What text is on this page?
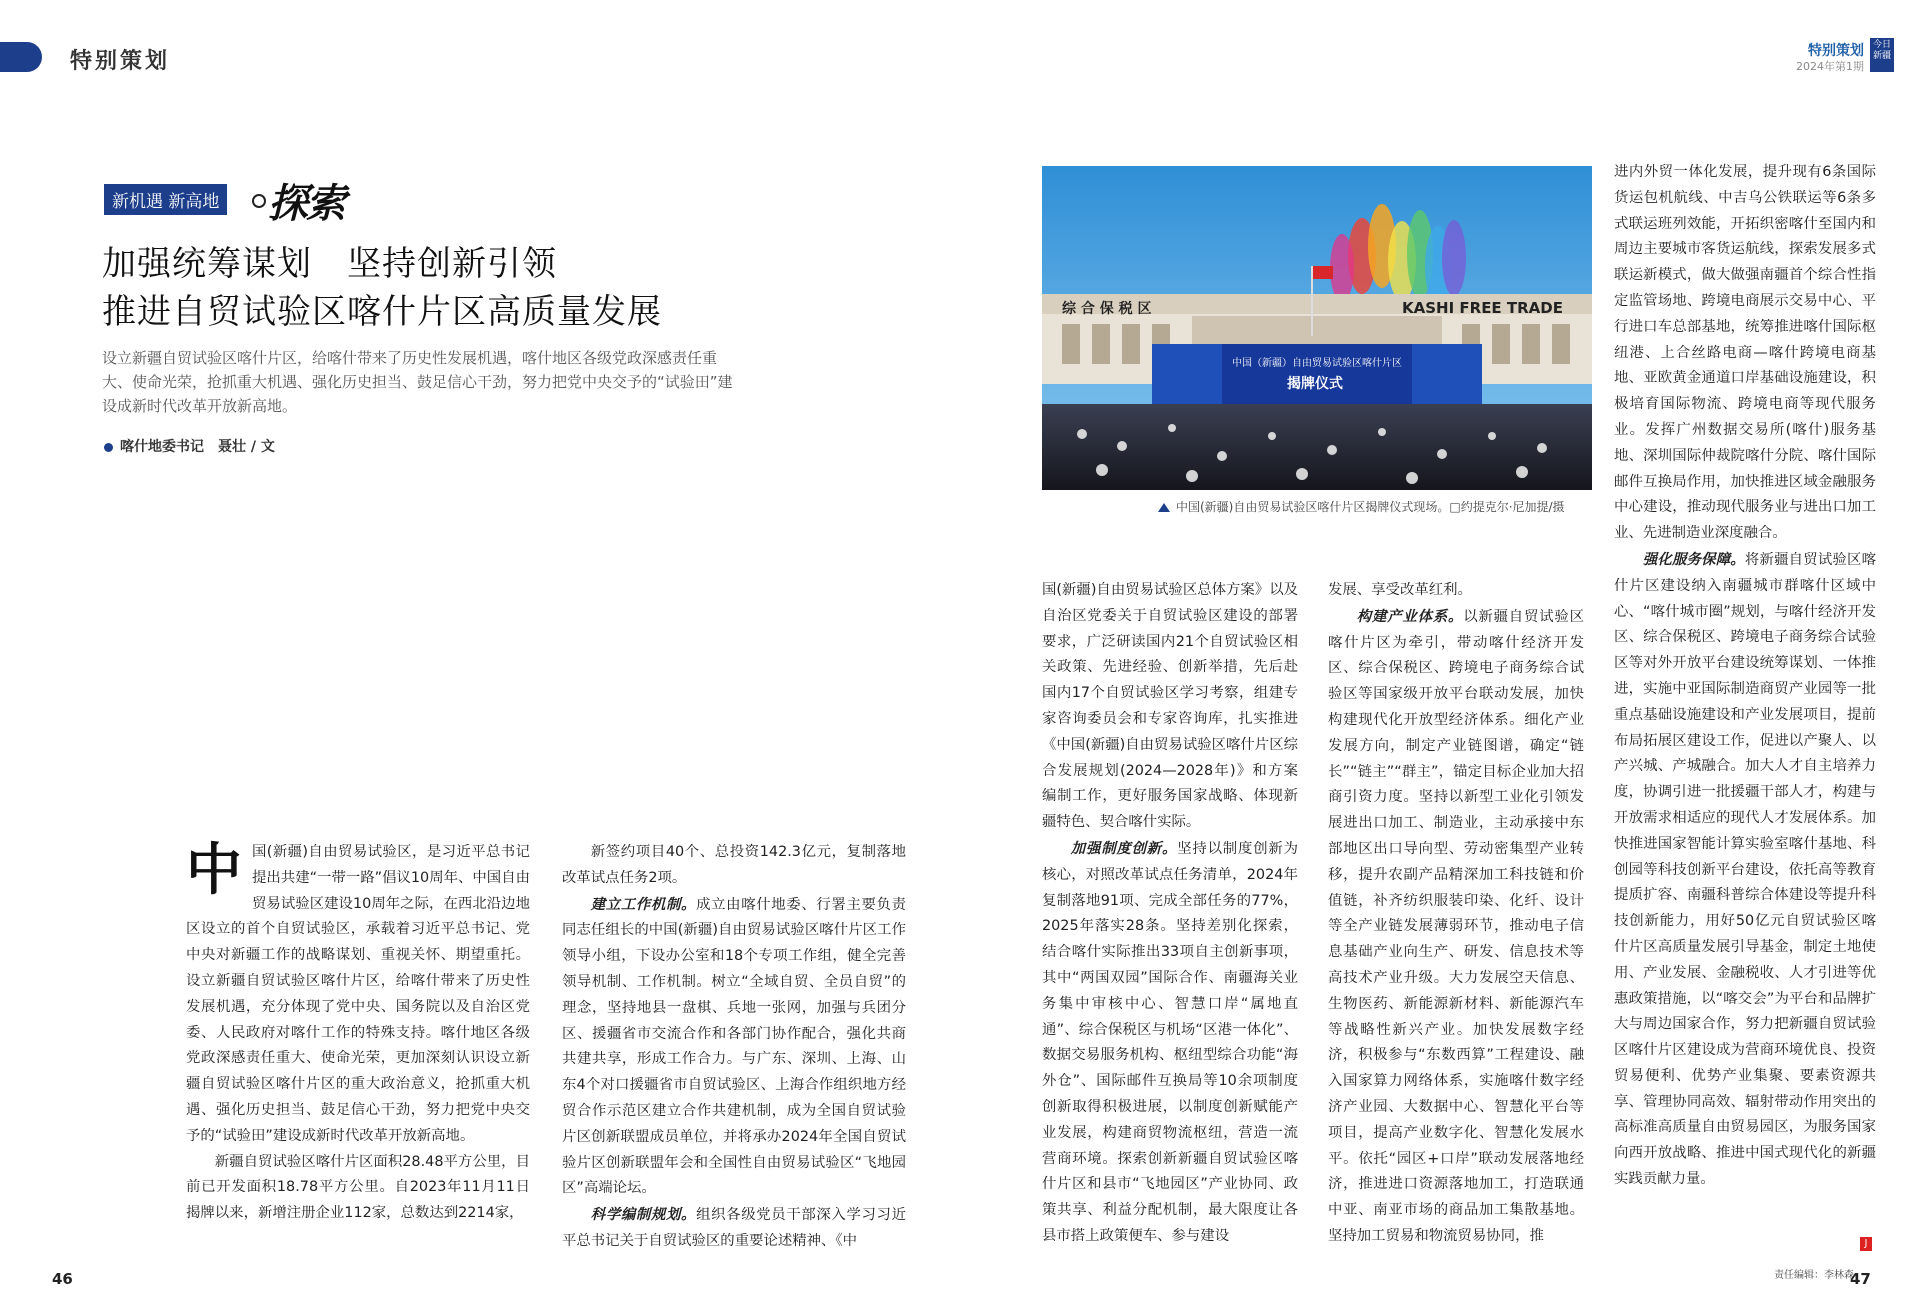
特别策划	特别策划
2024年第1期
今日新疆
新机遇 新高地 探索
加强统筹谋划　坚持创新引领
推进自贸试验区喀什片区高质量发展
设立新疆自贸试验区喀什片区，给喀什带来了历史性发展机遇，喀什地区各级党政深感责任重大、使命光荣，抢抓重大机遇、强化历史担当、鼓足信心干劲，努力把党中央交予的“试验田”建设成新时代改革开放新高地。
喀什地委书记　聂壮 / 文
综 合 保 税 区	KASHI FREE TRADE
中国（新疆）自由贸易试验区喀什片区
揭牌仪式
中国(新疆)自由贸易试验区喀什片区揭牌仪式现场。□约提克尔·尼加提/摄
中 国(新疆)自由贸易试验区，是习近平总书记提出共建“一带一路”倡议10周年、中国自由贸易试验区建设10周年之际，在西北沿边地区设立的首个自贸试验区，承载着习近平总书记、党中央对新疆工作的战略谋划、重视关怀、期望重托。设立新疆自贸试验区喀什片区，给喀什带来了历史性发展机遇，充分体现了党中央、国务院以及自治区党委、人民政府对喀什工作的特殊支持。喀什地区各级党政深感责任重大、使命光荣，更加深刻认识设立新疆自贸试验区喀什片区的重大政治意义，抢抓重大机遇、强化历史担当、鼓足信心干劲，努力把党中央交予的“试验田”建设成新时代改革开放新高地。

新疆自贸试验区喀什片区面积28.48平方公里，目前已开发面积18.78平方公里。自2023年11月11日揭牌以来，新增注册企业112家，总数达到2214家，

新签约项目40个、总投资142.3亿元，复制落地改革试点任务2项。

建立工作机制。成立由喀什地委、行署主要负责同志任组长的中国(新疆)自由贸易试验区喀什片区工作领导小组，下设办公室和18个专项工作组，健全完善领导机制、工作机制。树立“全域自贸、全员自贸”的理念，坚持地县一盘棋、兵地一张网，加强与兵团分区、援疆省市交流合作和各部门协作配合，强化共商共建共享，形成工作合力。与广东、深圳、上海、山东4个对口援疆省市自贸试验区、上海合作组织地方经贸合作示范区建立合作共建机制，成为全国自贸试验片区创新联盟成员单位，并将承办2024年全国自贸试验片区创新联盟年会和全国性自由贸易试验区“飞地园区”高端论坛。

科学编制规划。组织各级党员干部深入学习习近平总书记关于自贸试验区的重要论述精神、《中

国(新疆)自由贸易试验区总体方案》以及自治区党委关于自贸试验区建设的部署要求，广泛研读国内21个自贸试验区相关政策、先进经验、创新举措，先后赴国内17个自贸试验区学习考察，组建专家咨询委员会和专家咨询库，扎实推进《中国(新疆)自由贸易试验区喀什片区综合发展规划(2024—2028年)》和方案编制工作，更好服务国家战略、体现新疆特色、契合喀什实际。

加强制度创新。坚持以制度创新为核心，对照改革试点任务清单，2024年复制落地91项、完成全部任务的77%，2025年落实28条。坚持差别化探索，结合喀什实际推出33项自主创新事项，其中“两国双园”国际合作、南疆海关业务集中审核中心、智慧口岸“属地直通”、综合保税区与机场“区港一体化”、数据交易服务机构、枢纽型综合功能“海外仓”、国际邮件互换局等10余项制度创新取得积极进展，以制度创新赋能产业发展，构建商贸物流枢纽，营造一流营商环境。探索创新新疆自贸试验区喀什片区和县市“飞地园区”产业协同、政策共享、利益分配机制，最大限度让各县市搭上政策便车、参与建设

发展、享受改革红利。

构建产业体系。以新疆自贸试验区喀什片区为牵引，带动喀什经济开发区、综合保税区、跨境电子商务综合试验区等国家级开放平台联动发展，加快构建现代化开放型经济体系。细化产业发展方向，制定产业链图谱，确定“链长”“链主”“群主”，锚定目标企业加大招商引资力度。坚持以新型工业化引领发展进出口加工、制造业，主动承接中东部地区出口导向型、劳动密集型产业转移，提升农副产品精深加工科技链和价值链，补齐纺织服装印染、化纤、设计等全产业链发展薄弱环节，推动电子信息基础产业向生产、研发、信息技术等高技术产业升级。大力发展空天信息、生物医药、新能源新材料、新能源汽车等战略性新兴产业。加快发展数字经济，积极参与“东数西算”工程建设、融入国家算力网络体系，实施喀什数字经济产业园、大数据中心、智慧化平台等项目，提高产业数字化、智慧化发展水平。依托“园区+口岸”联动发展落地经济，推进进口资源落地加工，打造联通中亚、南亚市场的商品加工集散基地。坚持加工贸易和物流贸易协同，推

进内外贸一体化发展，提升现有6条国际货运包机航线、中吉乌公铁联运等6条多式联运班列效能，开拓织密喀什至国内和周边主要城市客货运航线，探索发展多式联运新模式，做大做强南疆首个综合性指定监管场地、跨境电商展示交易中心、平行进口车总部基地，统筹推进喀什国际枢纽港、上合丝路电商—喀什跨境电商基地、亚欧黄金通道口岸基础设施建设，积极培育国际物流、跨境电商等现代服务业。发挥广州数据交易所(喀什)服务基地、深圳国际仲裁院喀什分院、喀什国际邮件互换局作用，加快推进区域金融服务中心建设，推动现代服务业与进出口加工业、先进制造业深度融合。

强化服务保障。将新疆自贸试验区喀什片区建设纳入南疆城市群喀什区域中心、“喀什城市圈”规划，与喀什经济开发区、综合保税区、跨境电子商务综合试验区等对外开放平台建设统筹谋划、一体推进，实施中亚国际制造商贸产业园等一批重点基础设施建设和产业发展项目，提前布局拓展区建设工作，促进以产聚人、以产兴城、产城融合。加大人才自主培养力度，协调引进一批援疆干部人才，构建与开放需求相适应的现代人才发展体系。加快推进国家智能计算实验室喀什基地、科创园等科技创新平台建设，依托高等教育提质扩容、南疆科普综合体建设等提升科技创新能力，用好50亿元自贸试验区喀什片区高质量发展引导基金，制定土地使用、产业发展、金融税收、人才引进等优惠政策措施，以“喀交会”为平台和品牌扩大与周边国家合作，努力把新疆自贸试验区喀什片区建设成为营商环境优良、投资贸易便利、优势产业集聚、要素资源共享、管理协同高效、辐射带动作用突出的高标准高质量自由贸易园区，为服务国家向西开放战略、推进中国式现代化的新疆实践贡献力量。

J
责任编辑：李林森
46	47
